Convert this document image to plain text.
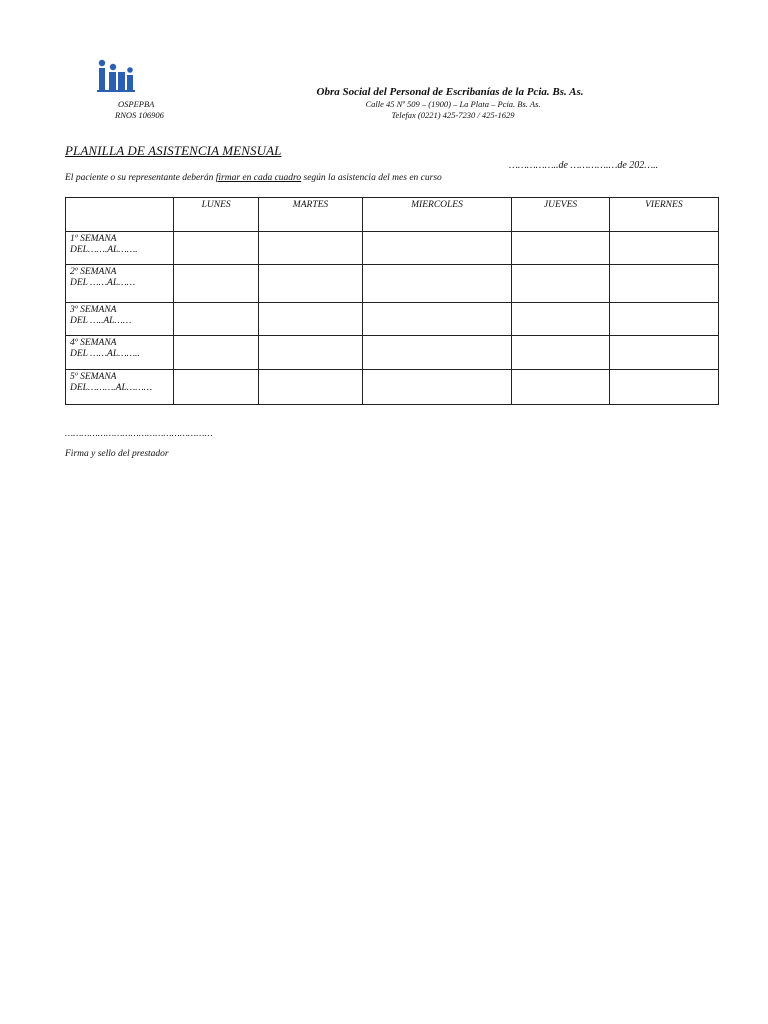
OSPEPBA
RNOS 106906
Obra Social del Personal de Escribanías de la Pcia. Bs. As.
Calle 45 Nº 509 – (1900) – La Plata – Pcia. Bs. As.
Telefax (0221) 425-7230 / 425-1629
PLANILLA DE ASISTENCIA MENSUAL
……………..de ………….…de 202…..
El paciente o su representante deberán firmar en cada cuadro según la asistencia del mes en curso
	LUNES	MARTES	MIERCOLES	JUEVES	VIERNES

1º SEMANA
DEL…….AL…….					

2º SEMANA
DEL ……AL……					

3º SEMANA
DEL …..AL……					

4º SEMANA
DEL ……AL……..					

5º SEMANA
DEL……….AL………					

………………………………………………
Firma y sello del prestador
